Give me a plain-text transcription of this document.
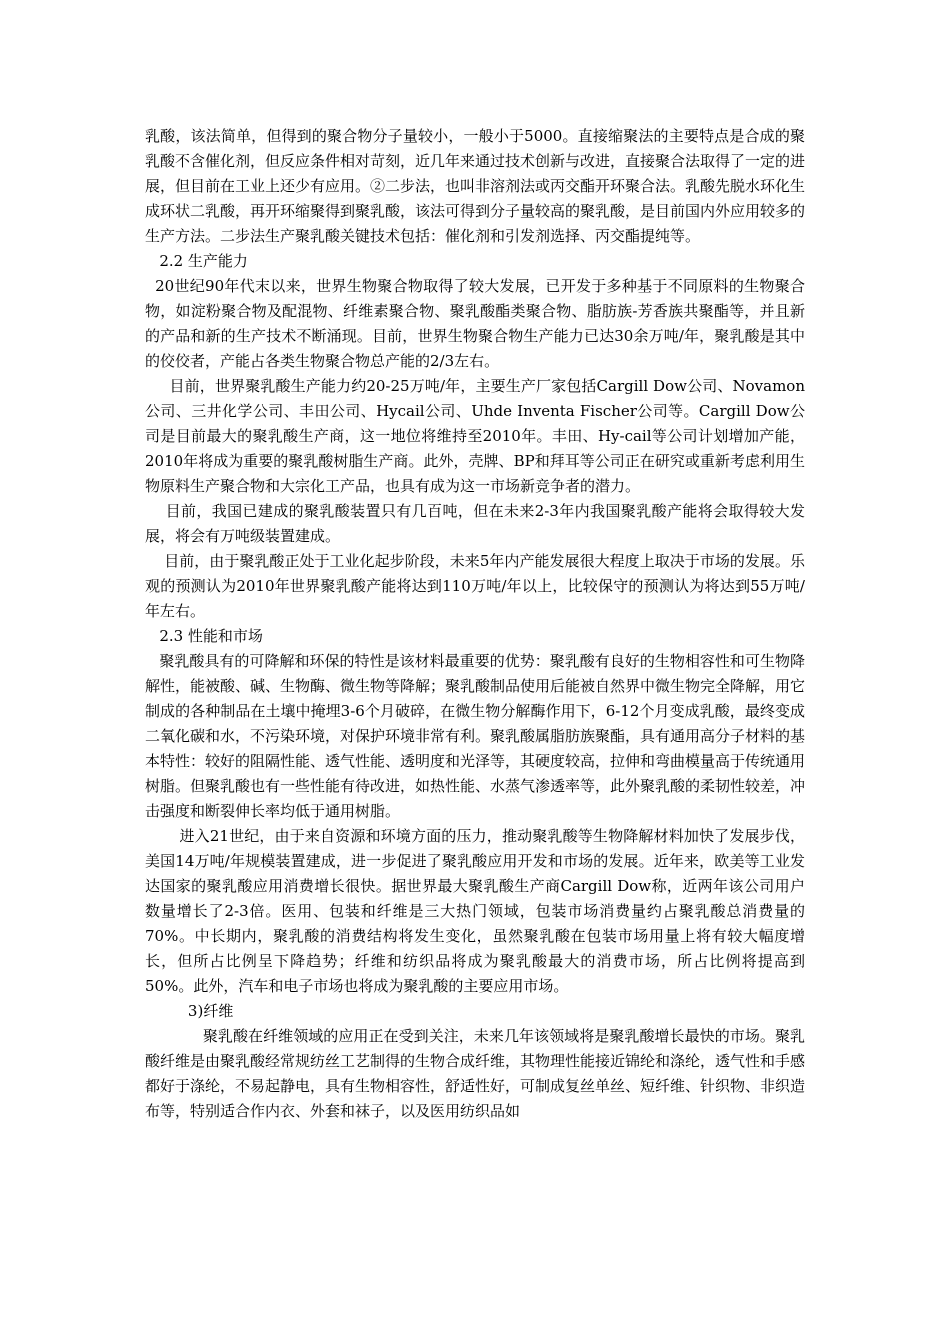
乳酸，该法简单，但得到的聚合物分子量较小，一般小于5000。直接缩聚法的主要特点是合成的聚乳酸不含催化剂，但反应条件相对苛刻，近几年来通过技术创新与改进，直接聚合法取得了一定的进展，但目前在工业上还少有应用。②二步法，也叫非溶剂法或丙交酯开环聚合法。乳酸先脱水环化生成环状二乳酸，再开环缩聚得到聚乳酸，该法可得到分子量较高的聚乳酸，是目前国内外应用较多的生产方法。二步法生产聚乳酸关键技术包括：催化剂和引发剂选择、丙交酯提纯等。

2.2 生产能力

20世纪90年代末以来，世界生物聚合物取得了较大发展，已开发于多种基于不同原料的生物聚合物，如淀粉聚合物及配混物、纤维素聚合物、聚乳酸酯类聚合物、脂肪族-芳香族共聚酯等，并且新的产品和新的生产技术不断涌现。目前，世界生物聚合物生产能力已达30余万吨/年，聚乳酸是其中的佼佼者，产能占各类生物聚合物总产能的2/3左右。

目前，世界聚乳酸生产能力约20-25万吨/年，主要生产厂家包括Cargill Dow公司、Novamon公司、三井化学公司、丰田公司、Hycail公司、Uhde Inventa Fischer公司等。Cargill Dow公司是目前最大的聚乳酸生产商，这一地位将维持至2010年。丰田、Hy-cail等公司计划增加产能，2010年将成为重要的聚乳酸树脂生产商。此外，壳牌、BP和拜耳等公司正在研究或重新考虑利用生物原料生产聚合物和大宗化工产品，也具有成为这一市场新竞争者的潜力。

目前，我国已建成的聚乳酸装置只有几百吨，但在未来2-3年内我国聚乳酸产能将会取得较大发展，将会有万吨级装置建成。

目前，由于聚乳酸正处于工业化起步阶段，未来5年内产能发展很大程度上取决于市场的发展。乐观的预测认为2010年世界聚乳酸产能将达到110万吨/年以上，比较保守的预测认为将达到55万吨/年左右。

2.3 性能和市场

聚乳酸具有的可降解和环保的特性是该材料最重要的优势：聚乳酸有良好的生物相容性和可生物降解性，能被酸、碱、生物酶、微生物等降解；聚乳酸制品使用后能被自然界中微生物完全降解，用它制成的各种制品在土壤中掩埋3-6个月破碎，在微生物分解酶作用下，6-12个月变成乳酸，最终变成二氧化碳和水，不污染环境，对保护环境非常有利。聚乳酸属脂肪族聚酯，具有通用高分子材料的基本特性：较好的阻隔性能、透气性能、透明度和光泽等，其硬度较高，拉伸和弯曲模量高于传统通用树脂。但聚乳酸也有一些性能有待改进，如热性能、水蒸气渗透率等，此外聚乳酸的柔韧性较差，冲击强度和断裂伸长率均低于通用树脂。

进入21世纪，由于来自资源和环境方面的压力，推动聚乳酸等生物降解材料加快了发展步伐，美国14万吨/年规模装置建成，进一步促进了聚乳酸应用开发和市场的发展。近年来，欧美等工业发达国家的聚乳酸应用消费增长很快。据世界最大聚乳酸生产商Cargill Dow称，近两年该公司用户数量增长了2-3倍。医用、包装和纤维是三大热门领域，包装市场消费量约占聚乳酸总消费量的70%。中长期内，聚乳酸的消费结构将发生变化，虽然聚乳酸在包装市场用量上将有较大幅度增长，但所占比例呈下降趋势；纤维和纺织品将成为聚乳酸最大的消费市场，所占比例将提高到50%。此外，汽车和电子市场也将成为聚乳酸的主要应用市场。

3)纤维

聚乳酸在纤维领域的应用正在受到关注，未来几年该领域将是聚乳酸增长最快的市场。聚乳酸纤维是由聚乳酸经常规纺丝工艺制得的生物合成纤维，其物理性能接近锦纶和涤纶，透气性和手感都好于涤纶，不易起静电，具有生物相容性，舒适性好，可制成复丝单丝、短纤维、针织物、非织造布等，特别适合作内衣、外套和袜子，以及医用纺织品如
